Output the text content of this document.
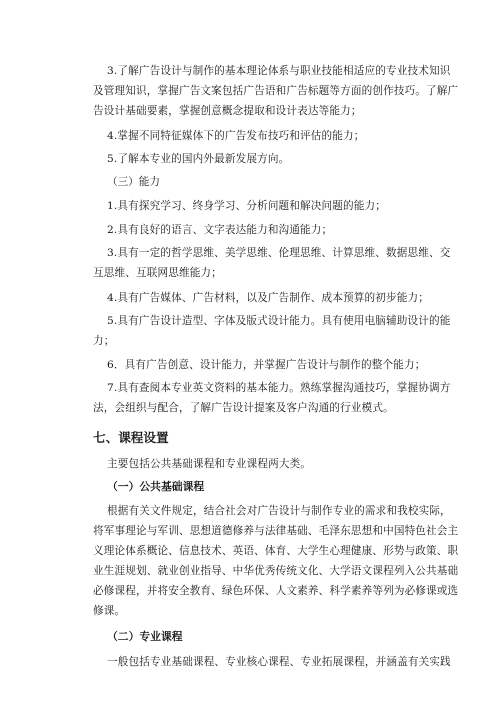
3.了解广告设计与制作的基本理论体系与职业技能相适应的专业技术知识
及管理知识，掌握广告文案包括广告语和广告标题等方面的创作技巧。了解广
告设计基础要素，掌握创意概念提取和设计表达等能力；
4.掌握不同特征媒体下的广告发布技巧和评估的能力；
5.了解本专业的国内外最新发展方向。
（三）能力
1.具有探究学习、终身学习、分析问题和解决问题的能力；
2.具有良好的语言、文字表达能力和沟通能力；
3.具有一定的哲学思维、美学思维、伦理思维、计算思维、数据思维、交
互思维、互联网思维能力；
4.具有广告媒体、广告材料，以及广告制作、成本预算的初步能力；
5.具有广告设计造型、字体及版式设计能力。具有使用电脑辅助设计的能
力；
6．具有广告创意、设计能力，并掌握广告设计与制作的整个能力；
7.具有查阅本专业英文资料的基本能力。熟练掌握沟通技巧，掌握协调方
法，会组织与配合，了解广告设计提案及客户沟通的行业模式。
七、课程设置
主要包括公共基础课程和专业课程两大类。
（一）公共基础课程
根据有关文件规定，结合社会对广告设计与制作专业的需求和我校实际，
将军事理论与军训、思想道德修养与法律基础、毛泽东思想和中国特色社会主
义理论体系概论、信息技术、英语、体育、大学生心理健康、形势与政策、职
业生涯规划、就业创业指导、中华优秀传统文化、大学语文课程列入公共基础
必修课程，并将安全教育、绿色环保、人文素养、科学素养等列为必修课或选
修课。
（二）专业课程
一般包括专业基础课程、专业核心课程、专业拓展课程，并涵盖有关实践
